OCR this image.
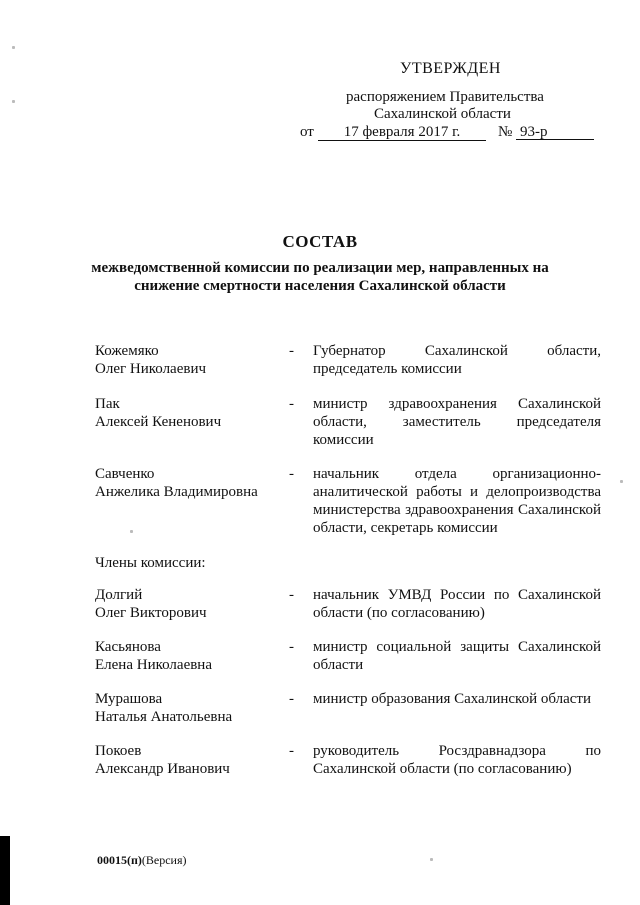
УТВЕРЖДЕН
распоряжением Правительства
Сахалинской области
от	17 февраля 2017 г.	№ 93-р
СОСТАВ
межведомственной комиссии по реализации мер, направленных на снижение смертности населения Сахалинской области
Кожемяко
Олег Николаевич
- Губернатор Сахалинской области, председатель комиссии
Пак
Алексей Кененович
- министр здравоохранения Сахалинской области, заместитель председателя комиссии
Савченко
Анжелика Владимировна
- начальник отдела организационно-аналитической работы и делопроизводства министерства здравоохранения Сахалинской области, секретарь комиссии
Члены комиссии:
Долгий
Олег Викторович
- начальник УМВД России по Сахалинской области (по согласованию)
Касьянова
Елена Николаевна
- министр социальной защиты Сахалинской области
Мурашова
Наталья Анатольевна
- министр образования Сахалинской области
Покоев
Александр Иванович
- руководитель Росздравнадзора по Сахалинской области (по согласованию)
00015(п)(Версия)
